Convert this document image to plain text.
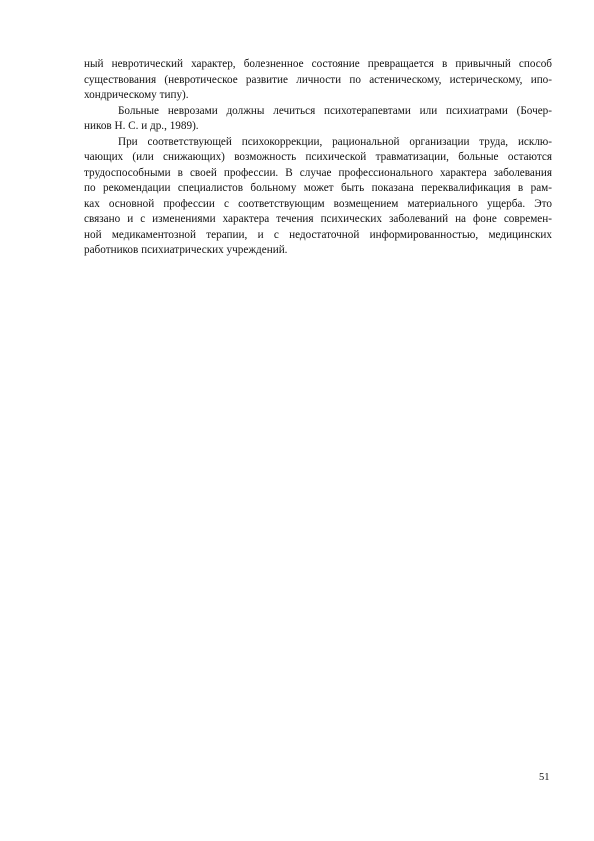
ный невротический характер, болезненное состояние превращается в привычный способ
существования (невротическое развитие личности по астеническому, истерическому, ипо-
хондрическому типу).
Больные неврозами должны лечиться психотерапевтами или психиатрами (Бочер-
ников Н. С. и др., 1989).
При соответствующей психокоррекции, рациональной организации труда, исклю-
чающих (или снижающих) возможность психической травматизации, больные остаются
трудоспособными в своей профессии. В случае профессионального характера заболевания
по рекомендации специалистов больному может быть показана переквалификация в рам-
ках основной профессии с соответствующим возмещением материального ущерба. Это
связано и с изменениями характера течения психических заболеваний на фоне современ-
ной медикаментозной терапии, и с недостаточной информированностью, медицинских
работников психиатрических учреждений.
51
